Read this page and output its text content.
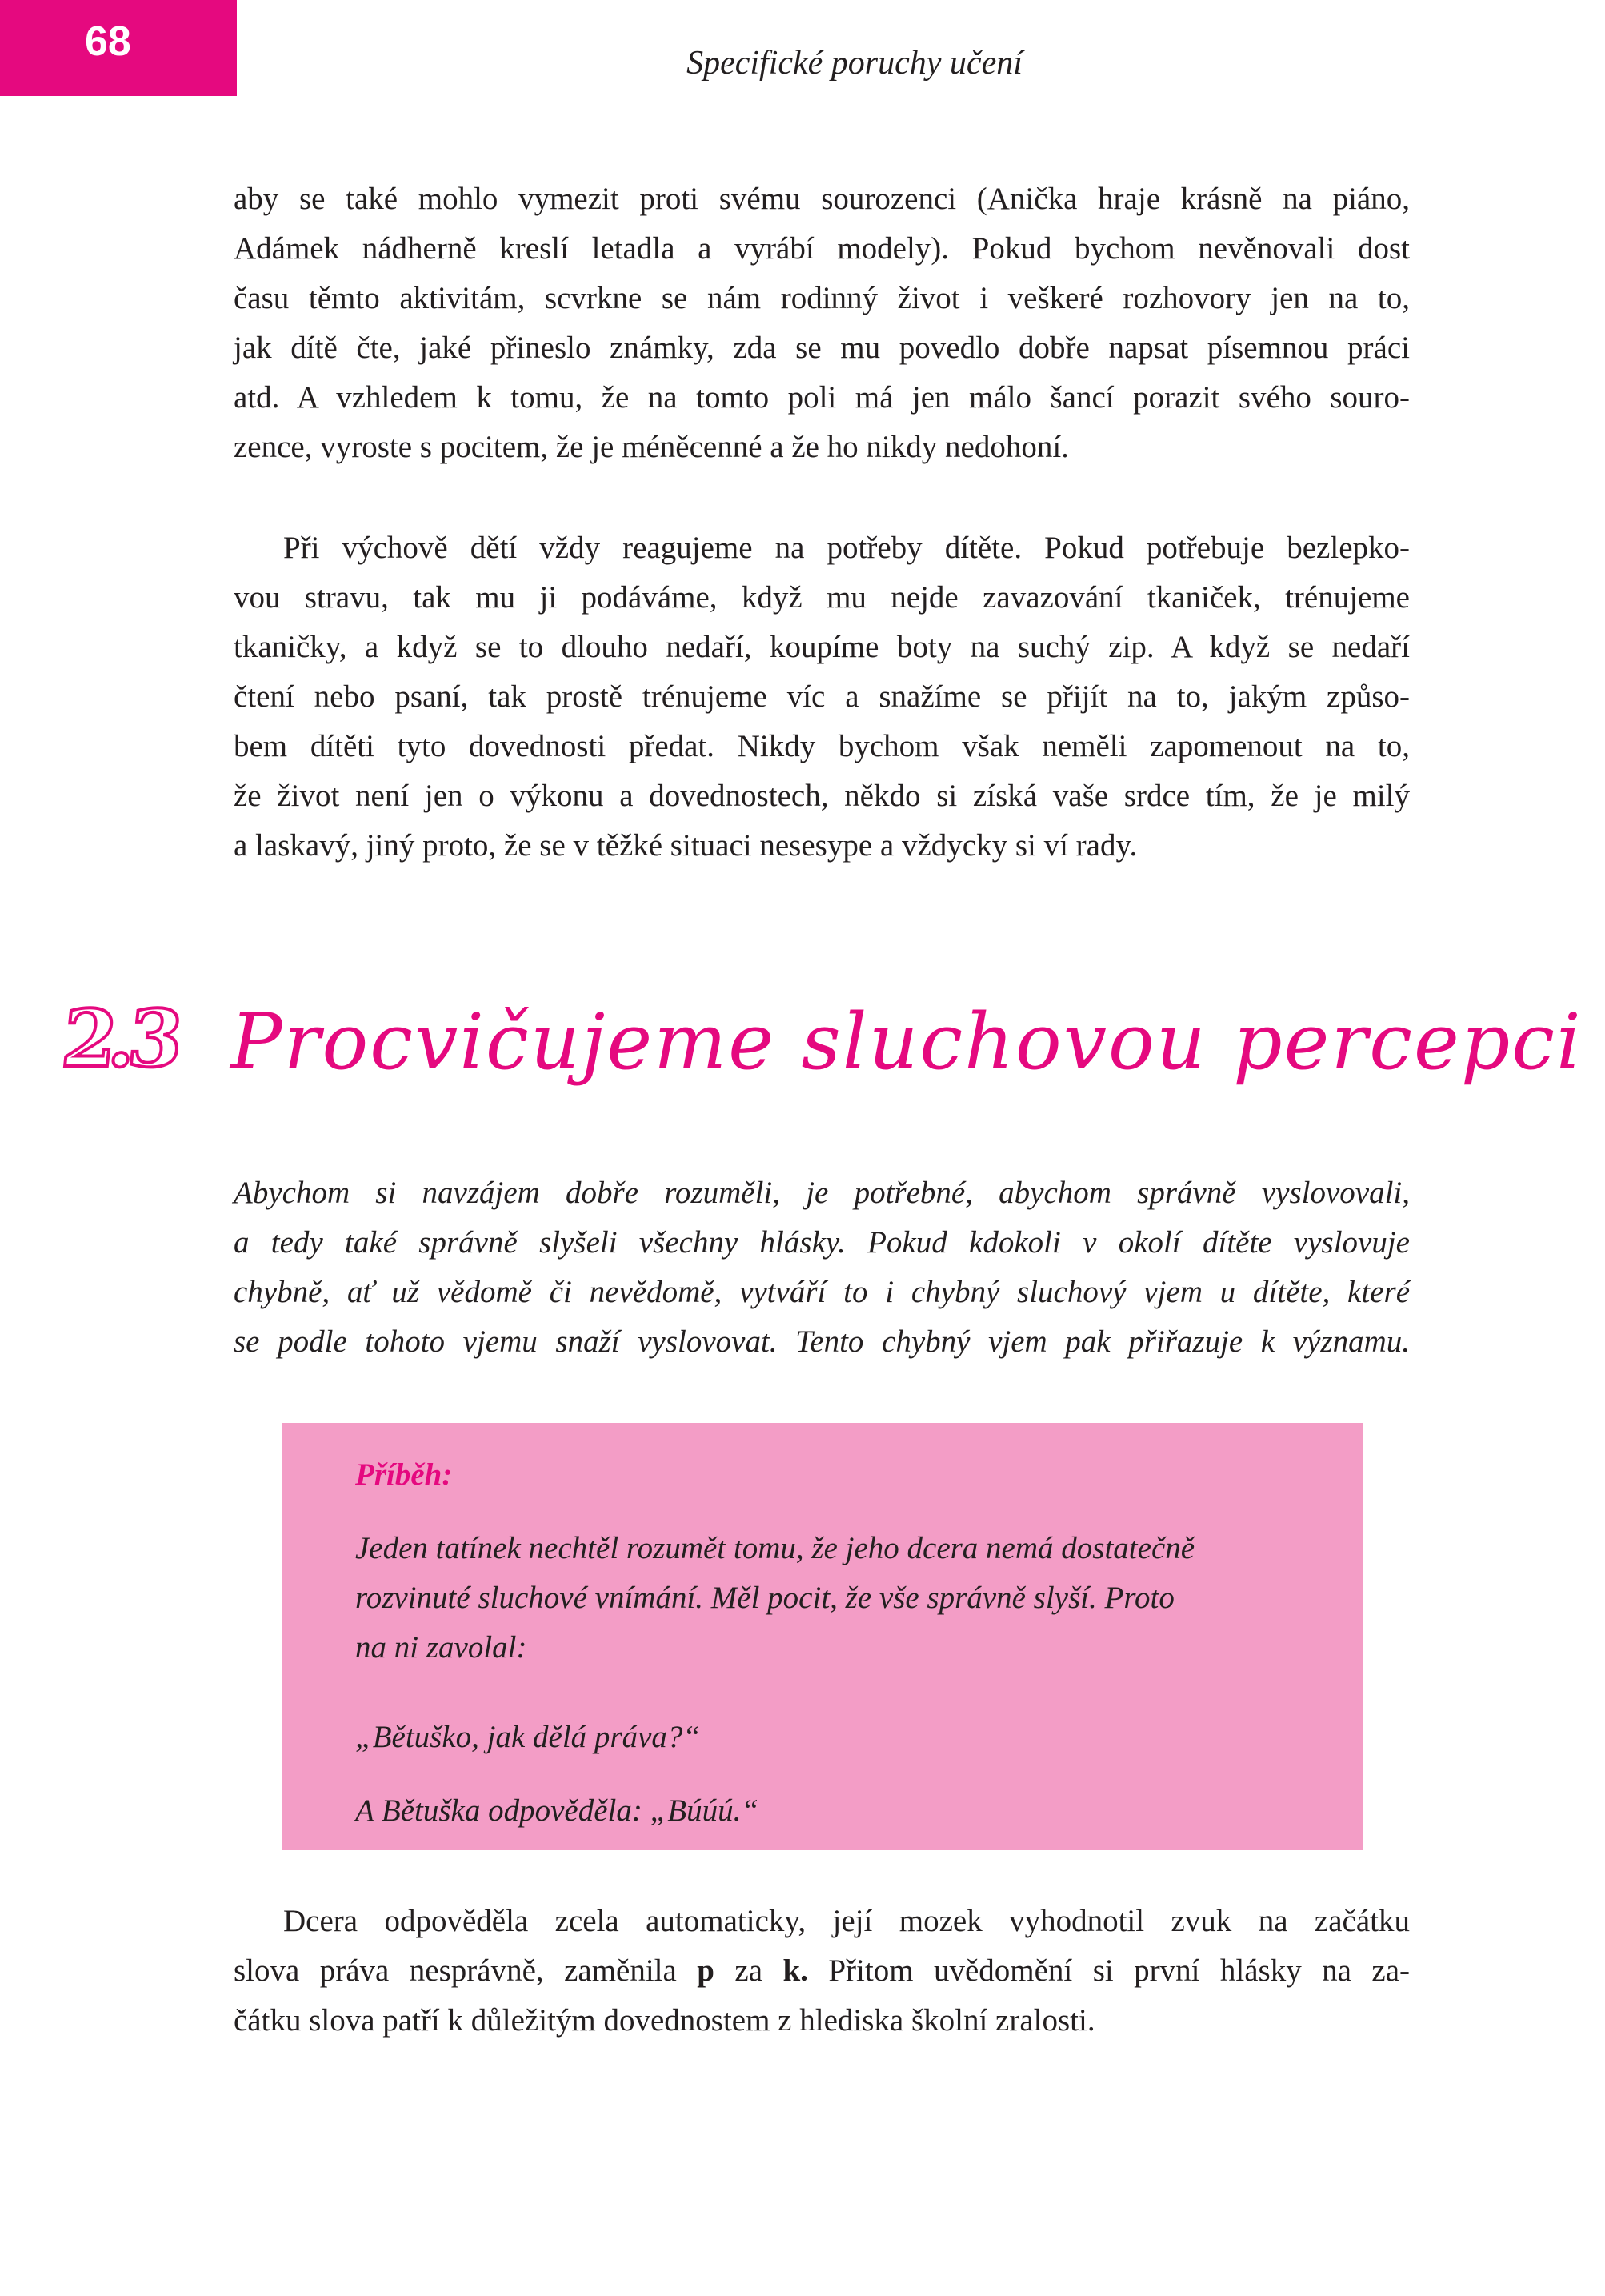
68	Specifické poruchy učení
aby se také mohlo vymezit proti svému sourozenci (Anička hraje krásně na piáno,
Adámek nádherně kreslí letadla a vyrábí modely). Pokud bychom nevěnovali dost
času těmto aktivitám, scvrkne se nám rodinný život i veškeré rozhovory jen na to,
jak dítě čte, jaké přineslo známky, zda se mu povedlo dobře napsat písemnou práci
atd. A vzhledem k tomu, že na tomto poli má jen málo šancí porazit svého souro-
zence, vyroste s pocitem, že je méněcenné a že ho nikdy nedohoní.
Při výchově dětí vždy reagujeme na potřeby dítěte. Pokud potřebuje bezlepko-
vou stravu, tak mu ji podáváme, když mu nejde zavazování tkaniček, trénujeme
tkaničky, a když se to dlouho nedaří, koupíme boty na suchý zip. A když se nedaří
čtení nebo psaní, tak prostě trénujeme víc a snažíme se přijít na to, jakým způso-
bem dítěti tyto dovednosti předat. Nikdy bychom však neměli zapomenout na to,
že život není jen o výkonu a dovednostech, někdo si získá vaše srdce tím, že je milý
a laskavý, jiný proto, že se v těžké situaci nesesype a vždycky si ví rady.
2.3 Procvičujeme sluchovou percepci
Abychom si navzájem dobře rozuměli, je potřebné, abychom správně vyslovovali,
a tedy také správně slyšeli všechny hlásky. Pokud kdokoli v okolí dítěte vyslovuje
chybně, ať už vědomě či nevědomě, vytváří to i chybný sluchový vjem u dítěte, které
se podle tohoto vjemu snaží vyslovovat. Tento chybný vjem pak přiřazuje k významu.

Příběh:

Jeden tatínek nechtěl rozumět tomu, že jeho dcera nemá dostatečně
rozvinuté sluchové vnímání. Měl pocit, že vše správně slyší. Proto
na ni zavolal:
„Bětuško, jak dělá práva?“
A Bětuška odpověděla: „Búúú.“
Dcera odpověděla zcela automaticky, její mozek vyhodnotil zvuk na začátku
slova práva nesprávně, zaměnila p za k. Přitom uvědomění si první hlásky na za-
čátku slova patří k důležitým dovednostem z hlediska školní zralosti.
